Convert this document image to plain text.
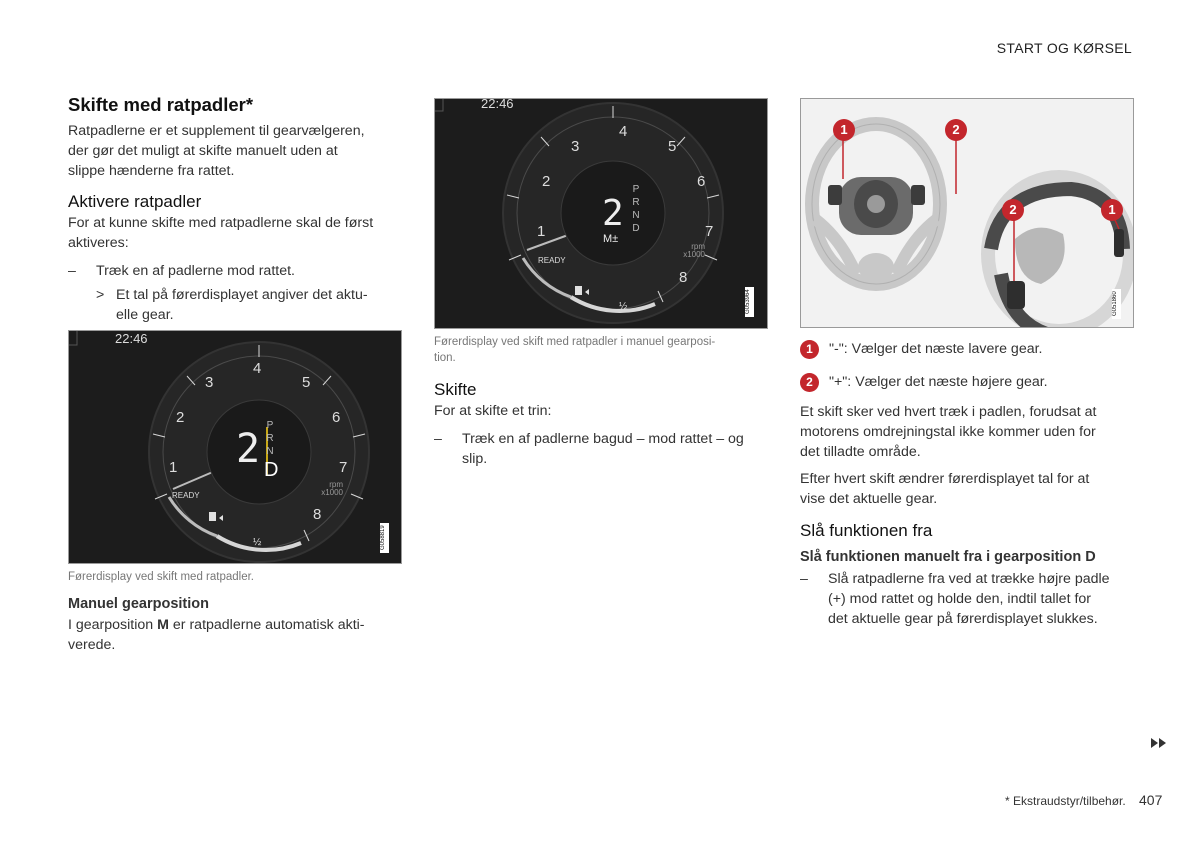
START OG KØRSEL
Skifte med ratpadler*
Ratpadlerne er et supplement til gearvælgeren,
der gør det muligt at skifte manuelt uden at
slippe hænderne fra rattet.
Aktivere ratpadler
For at kunne skifte med ratpadlerne skal de først
aktiveres:
– Træk en af padlerne mod rattet.
> Et tal på førerdisplayet angiver det aktu-
elle gear.
22:46
2
P
R
N
D
1
2
3
4
5
6
7
8
rpm
x1000
READY
½	G058819
Førerdisplay ved skift med ratpadler.
Manuel gearposition
I gearposition M er ratpadlerne automatisk akti-
verede.
22:46
2
P
R
N
D
M±
1
2
3
4
5
6
7
8
rpm
x1000
READY
½	G053964
Førerdisplay ved skift med ratpadler i manuel gearposi-
tion.
Skifte
For at skifte et trin:
– Træk en af padlerne bagud – mod rattet – og
slip.
1	2
2	1
G051860
1 "-": Vælger det næste lavere gear.
2 "+": Vælger det næste højere gear.
Et skift sker ved hvert træk i padlen, forudsat at
motorens omdrejningstal ikke kommer uden for
det tilladte område.
Efter hvert skift ændrer førerdisplayet tal for at
vise det aktuelle gear.
Slå funktionen fra
Slå funktionen manuelt fra i gearposition D
– Slå ratpadlerne fra ved at trække højre padle
(+) mod rattet og holde den, indtil tallet for
det aktuelle gear på førerdisplayet slukkes.
* Ekstraudstyr/tilbehør. 407
